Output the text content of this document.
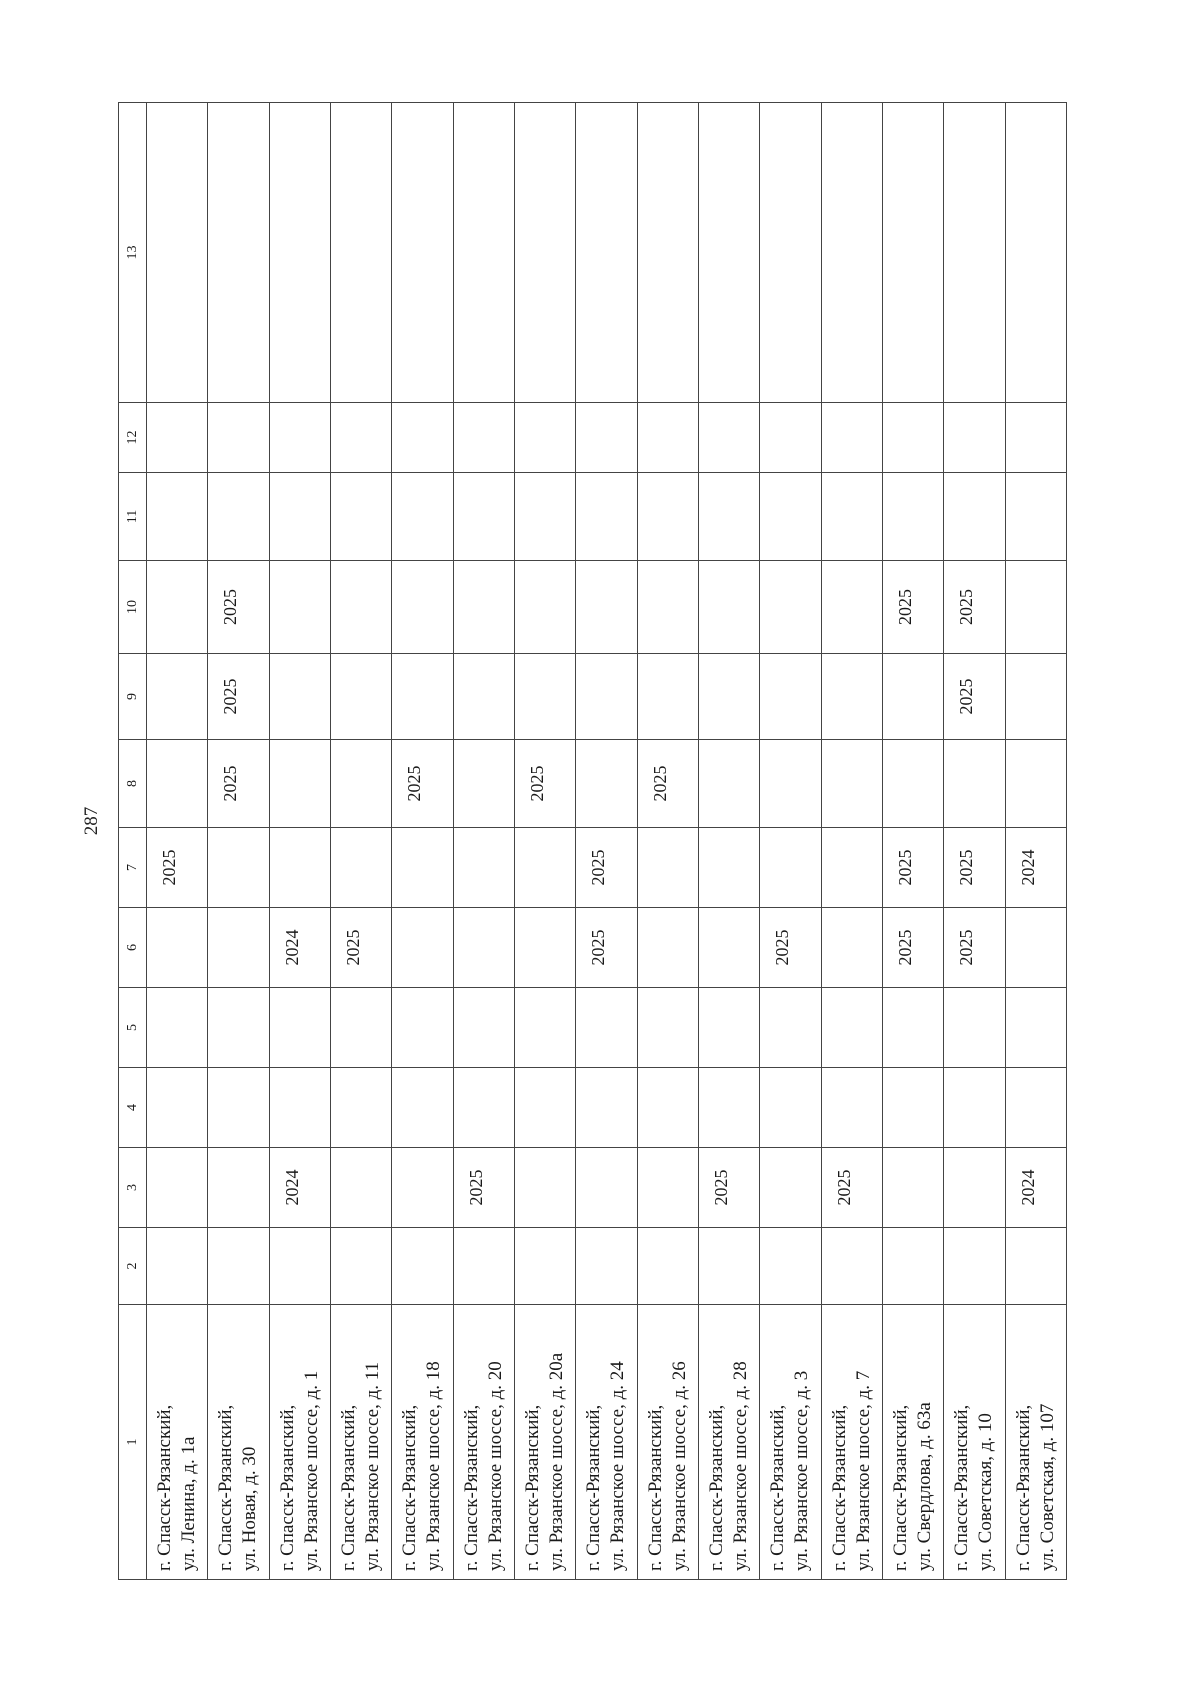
287
1	2	3	4	5	6	7	8	9	10	11	12	13

г. Спасск-Рязанский, ул. Ленина, д. 1а						2025						

г. Спасск-Рязанский, ул. Новая, д. 30							2025	2025	2025			

г. Спасск-Рязанский, ул. Рязанское шоссе, д. 1		2024			2024							

г. Спасск-Рязанский, ул. Рязанское шоссе, д. 11					2025							

г. Спасск-Рязанский, ул. Рязанское шоссе, д. 18							2025					

г. Спасск-Рязанский, ул. Рязанское шоссе, д. 20		2025										

г. Спасск-Рязанский, ул. Рязанское шоссе, д. 20а							2025					

г. Спасск-Рязанский, ул. Рязанское шоссе, д. 24					2025	2025						

г. Спасск-Рязанский, ул. Рязанское шоссе, д. 26							2025					

г. Спасск-Рязанский, ул. Рязанское шоссе, д. 28		2025										

г. Спасск-Рязанский, ул. Рязанское шоссе, д. 3					2025							

г. Спасск-Рязанский, ул. Рязанское шоссе, д. 7		2025										

г. Спасск-Рязанский, ул. Свердлова, д. 63а					2025	2025			2025			

г. Спасск-Рязанский, ул. Советская, д. 10					2025	2025		2025	2025			

г. Спасск-Рязанский, ул. Советская, д. 107		2024				2024						
